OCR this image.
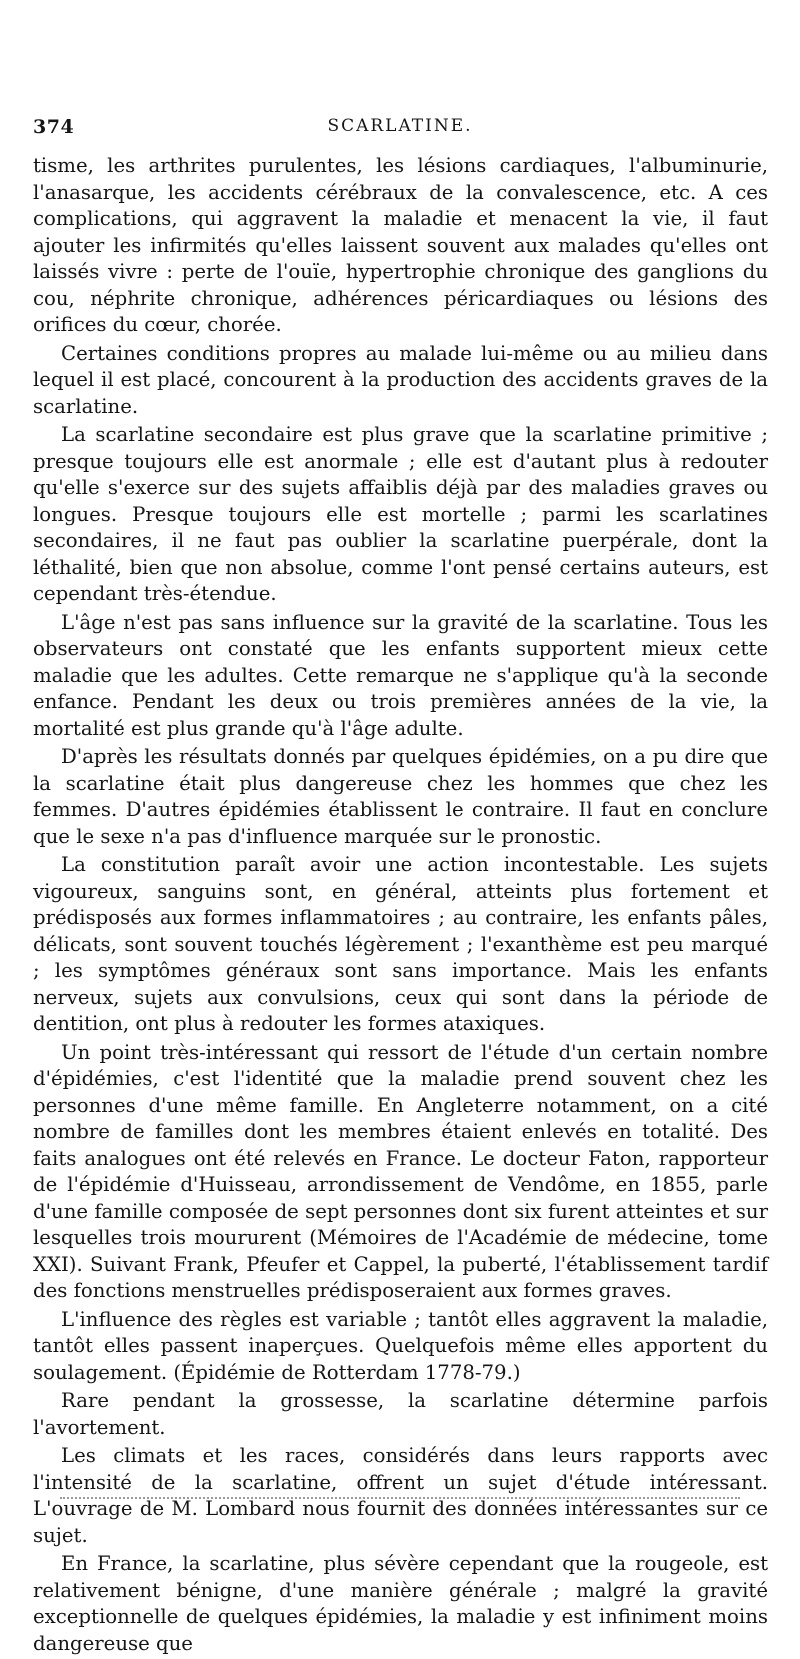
374	SCARLATINE.

tisme, les arthrites purulentes, les lésions cardiaques, l'albuminurie, l'anasarque, les accidents cérébraux de la convalescence, etc. A ces complications, qui aggravent la maladie et menacent la vie, il faut ajouter les infirmités qu'elles laissent souvent aux malades qu'elles ont laissés vivre : perte de l'ouïe, hypertrophie chronique des ganglions du cou, néphrite chronique, adhérences péricardiaques ou lésions des orifices du cœur, chorée.

Certaines conditions propres au malade lui-même ou au milieu dans lequel il est placé, concourent à la production des accidents graves de la scarlatine.

La scarlatine secondaire est plus grave que la scarlatine primitive ; presque toujours elle est anormale ; elle est d'autant plus à redouter qu'elle s'exerce sur des sujets affaiblis déjà par des maladies graves ou longues. Presque toujours elle est mortelle ; parmi les scarlatines secondaires, il ne faut pas oublier la scarlatine puerpérale, dont la léthalité, bien que non absolue, comme l'ont pensé certains auteurs, est cependant très-étendue.

L'âge n'est pas sans influence sur la gravité de la scarlatine. Tous les observateurs ont constaté que les enfants supportent mieux cette maladie que les adultes. Cette remarque ne s'applique qu'à la seconde enfance. Pendant les deux ou trois premières années de la vie, la mortalité est plus grande qu'à l'âge adulte.

D'après les résultats donnés par quelques épidémies, on a pu dire que la scarlatine était plus dangereuse chez les hommes que chez les femmes. D'autres épidémies établissent le contraire. Il faut en conclure que le sexe n'a pas d'influence marquée sur le pronostic.

La constitution paraît avoir une action incontestable. Les sujets vigoureux, sanguins sont, en général, atteints plus fortement et prédisposés aux formes inflammatoires ; au contraire, les enfants pâles, délicats, sont souvent touchés légèrement ; l'exanthème est peu marqué ; les symptômes généraux sont sans importance. Mais les enfants nerveux, sujets aux convulsions, ceux qui sont dans la période de dentition, ont plus à redouter les formes ataxiques.

Un point très-intéressant qui ressort de l'étude d'un certain nombre d'épidémies, c'est l'identité que la maladie prend souvent chez les personnes d'une même famille. En Angleterre notamment, on a cité nombre de familles dont les membres étaient enlevés en totalité. Des faits analogues ont été relevés en France. Le docteur Faton, rapporteur de l'épidémie d'Huisseau, arrondissement de Vendôme, en 1855, parle d'une famille composée de sept personnes dont six furent atteintes et sur lesquelles trois moururent (Mémoires de l'Académie de médecine, tome XXI). Suivant Frank, Pfeufer et Cappel, la puberté, l'établissement tardif des fonctions menstruelles prédisposeraient aux formes graves.

L'influence des règles est variable ; tantôt elles aggravent la maladie, tantôt elles passent inaperçues. Quelquefois même elles apportent du soulagement. (Épidémie de Rotterdam 1778-79.)

Rare pendant la grossesse, la scarlatine détermine parfois l'avortement.

Les climats et les races, considérés dans leurs rapports avec l'intensité de la scarlatine, offrent un sujet d'étude intéressant. L'ouvrage de M. Lombard nous fournit des données intéressantes sur ce sujet.

En France, la scarlatine, plus sévère cependant que la rougeole, est relativement bénigne, d'une manière générale ; malgré la gravité exceptionnelle de quelques épidémies, la maladie y est infiniment moins dangereuse que
